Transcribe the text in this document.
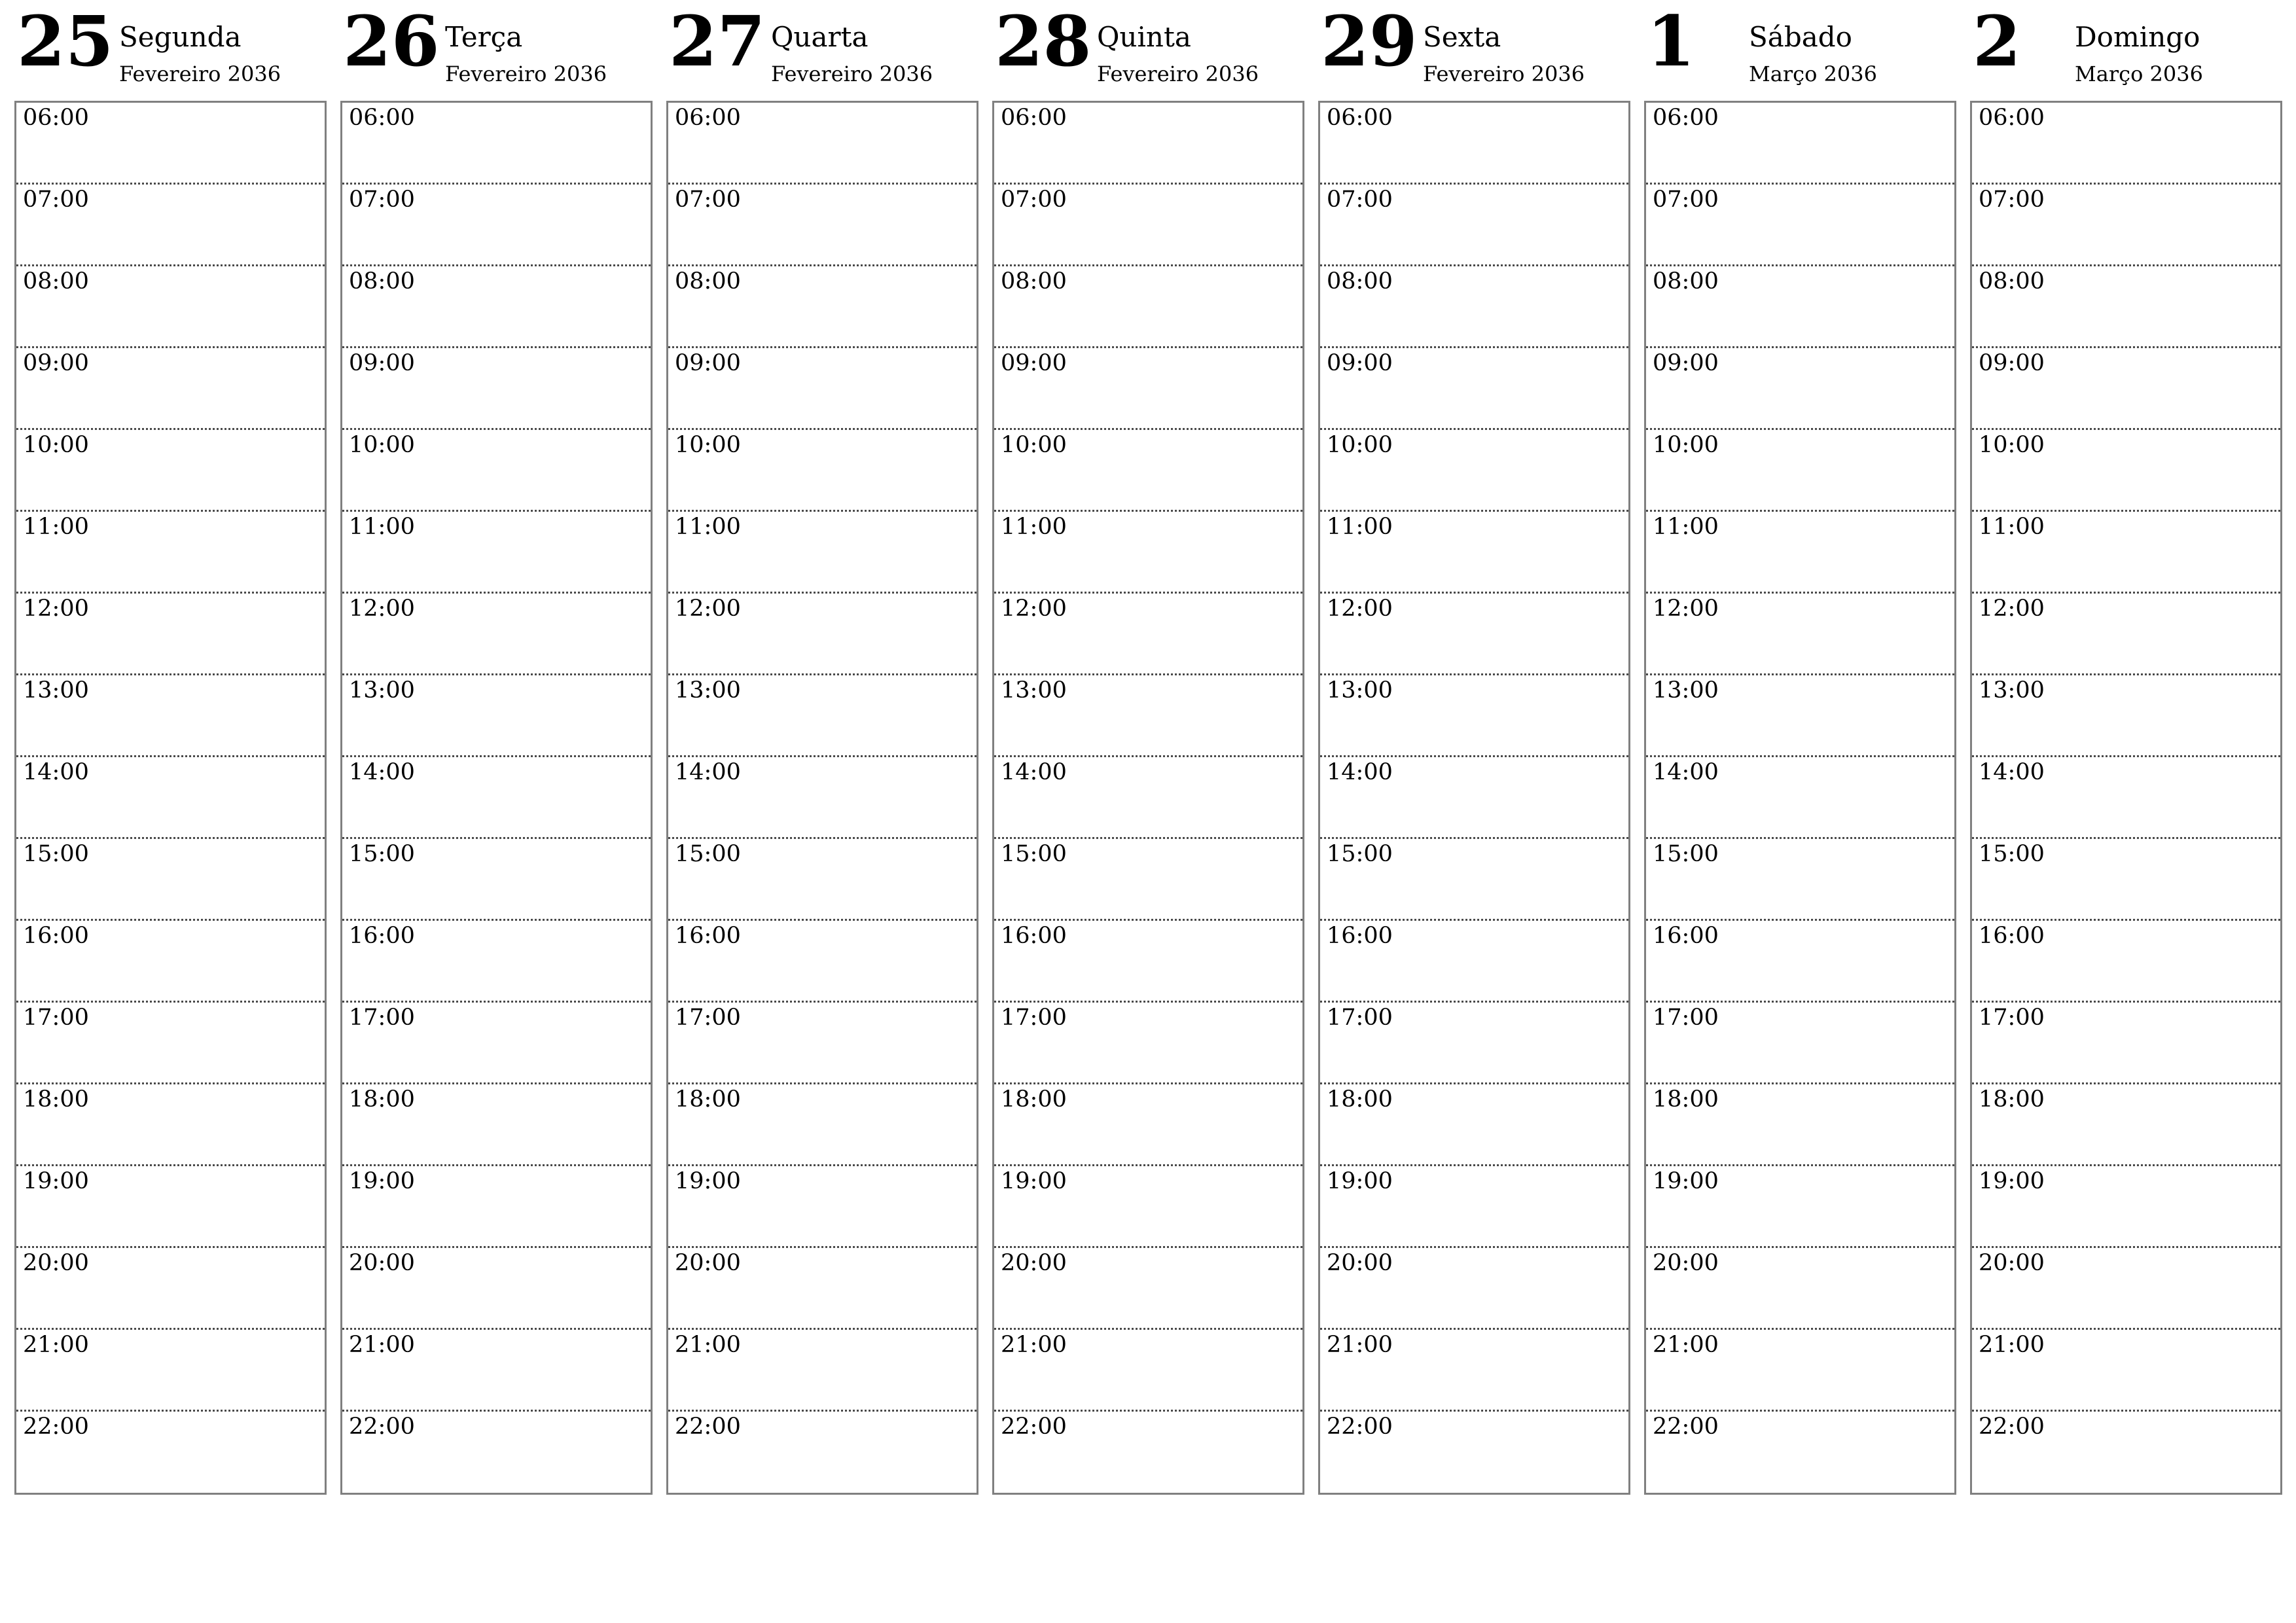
25 Segunda
Fevereiro 2036
06:00
07:00
08:00
09:00
10:00
11:00
12:00
13:00
14:00
15:00
16:00
17:00
18:00
19:00
20:00
21:00
22:00
26 Terça
Fevereiro 2036
06:00
07:00
08:00
09:00
10:00
11:00
12:00
13:00
14:00
15:00
16:00
17:00
18:00
19:00
20:00
21:00
22:00
27 Quarta
Fevereiro 2036
06:00
07:00
08:00
09:00
10:00
11:00
12:00
13:00
14:00
15:00
16:00
17:00
18:00
19:00
20:00
21:00
22:00
28 Quinta
Fevereiro 2036
06:00
07:00
08:00
09:00
10:00
11:00
12:00
13:00
14:00
15:00
16:00
17:00
18:00
19:00
20:00
21:00
22:00
29 Sexta
Fevereiro 2036
06:00
07:00
08:00
09:00
10:00
11:00
12:00
13:00
14:00
15:00
16:00
17:00
18:00
19:00
20:00
21:00
22:00
1 Sábado
Março 2036
06:00
07:00
08:00
09:00
10:00
11:00
12:00
13:00
14:00
15:00
16:00
17:00
18:00
19:00
20:00
21:00
22:00
2 Domingo
Março 2036
06:00
07:00
08:00
09:00
10:00
11:00
12:00
13:00
14:00
15:00
16:00
17:00
18:00
19:00
20:00
21:00
22:00
